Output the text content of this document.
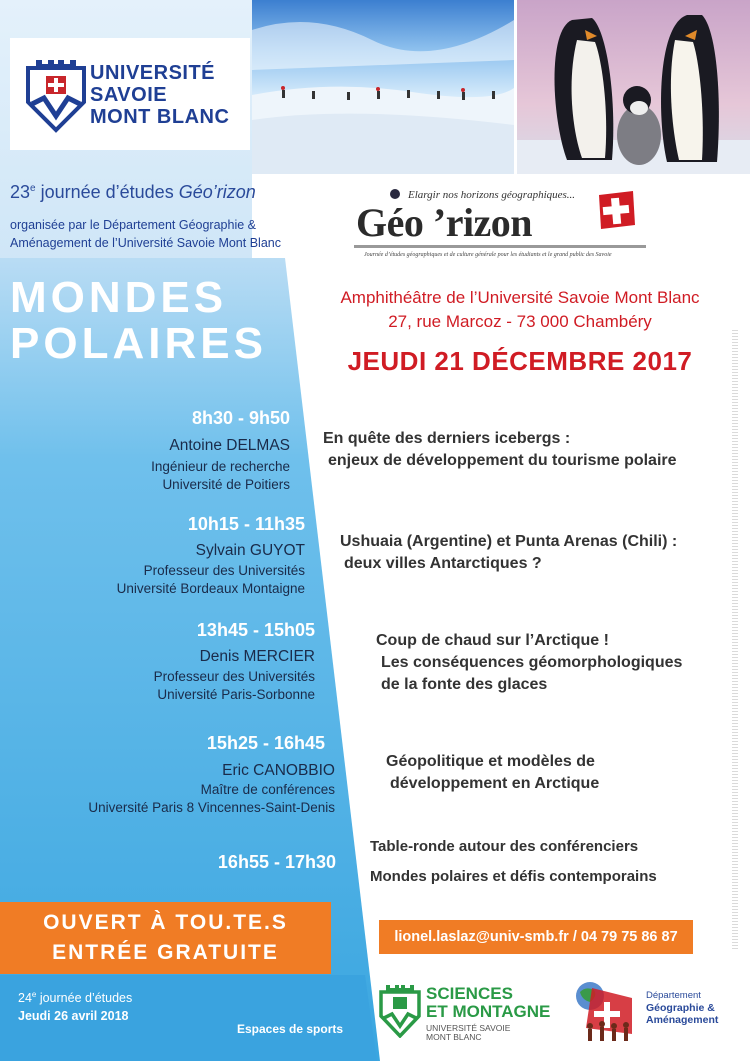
UNIVERSITÉ
SAVOIE
MONT BLANC
23e journée d’études Géo’rizon
organisée par le Département Géographie &
Aménagement de l’Université Savoie Mont Blanc
MONDES
POLAIRES
Elargir nos horizons géographiques...
Géo ’rizon
Journée d’études géographiques et de culture générale pour les étudiants et le grand public des Savoie
Amphithéâtre de l’Université Savoie Mont Blanc
27, rue Marcoz - 73 000 Chambéry
JEUDI 21 DÉCEMBRE 2017
8h30 - 9h50
Antoine DELMAS
Ingénieur de recherche
Université de Poitiers
En quête des derniers icebergs :
enjeux de développement du tourisme polaire
10h15 - 11h35
Sylvain GUYOT
Professeur des Universités
Université Bordeaux Montaigne
Ushuaia (Argentine) et Punta Arenas (Chili) :
deux villes Antarctiques ?
13h45 - 15h05
Denis MERCIER
Professeur des Universités
Université Paris-Sorbonne
Coup de chaud sur l’Arctique !
Les conséquences géomorphologiques
de la fonte des glaces
15h25 - 16h45
Eric CANOBBIO
Maître de conférences
Université Paris 8 Vincennes-Saint-Denis
Géopolitique et modèles de
développement en Arctique
16h55 - 17h30
Table-ronde autour des conférenciers
Mondes polaires et défis contemporains
OUVERT À TOU.TE.S
ENTRÉE GRATUITE
lionel.laslaz@univ-smb.fr / 04 79 75 86 87
24e journée d’études
Jeudi 26 avril 2018
Espaces de sports
SCIENCES
ET MONTAGNE
UNIVERSITÉ SAVOIE
MONT BLANC
Département
Géographie &
Aménagement
